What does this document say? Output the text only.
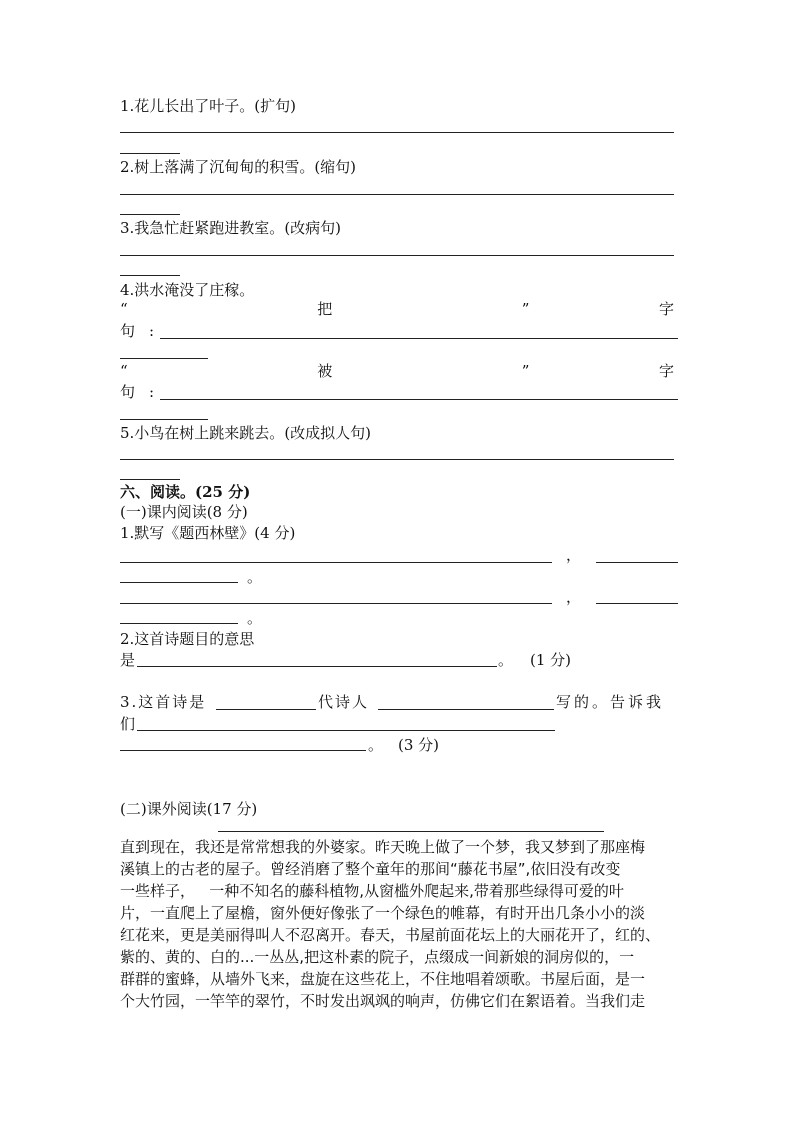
1.花儿长出了叶子。(扩句)
2.树上落满了沉甸甸的积雪。(缩句)
3.我急忙赶紧跑进教室。(改病句)
4.洪水淹没了庄稼。
“	把	”	字
句 :
“	被	”	字
句 :
5.小鸟在树上跳来跳去。(改成拟人句)
六、阅读。(25 分)
(一)课内阅读(8 分)
1.默写《题西林壁》(4 分)
，
。
，
。
2.这首诗题目的意思
是	。 (1 分)
3.这首诗是	代诗人	写的。告诉我
们
。 (3 分)
(二)课外阅读(17 分)
直到现在，我还是常常想我的外婆家。昨天晚上做了一个梦，我又梦到了那座梅
溪镇上的古老的屋子。曾经消磨了整个童年的那间“藤花书屋”,依旧没有改变
一些样子，   一种不知名的藤科植物,从窗槛外爬起来,带着那些绿得可爱的叶
片，一直爬上了屋檐，窗外便好像张了一个绿色的帷幕，有时开出几条小小的淡
红花来，更是美丽得叫人不忍离开。春天，书屋前面花坛上的大丽花开了，红的、
紫的、黄的、白的...一丛丛,把这朴素的院子，点缀成一间新娘的洞房似的，一
群群的蜜蜂，从墙外飞来，盘旋在这些花上，不住地唱着颂歌。书屋后面，是一
个大竹园，一竿竿的翠竹，不时发出飒飒的响声，仿佛它们在絮语着。当我们走
